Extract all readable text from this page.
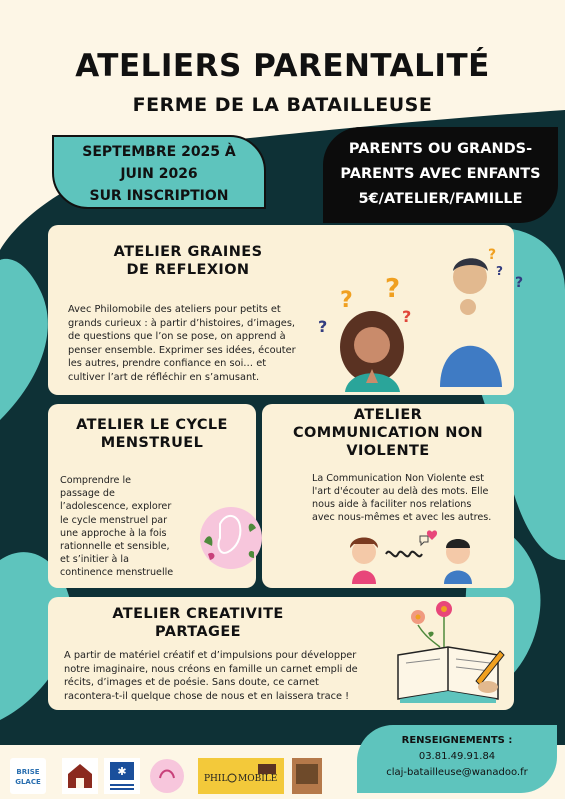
ATELIERS PARENTALITÉ
FERME DE LA BATAILLEUSE
SEPTEMBRE 2025 À
JUIN 2026
SUR INSCRIPTION
PARENTS OU GRANDS-
PARENTS AVEC ENFANTS
5€/ATELIER/FAMILLE
ATELIER GRAINES
DE REFLEXION
Avec Philomobile des ateliers pour petits et
grands curieux : à partir d’histoires, d’images,
de questions que l’on se pose, on apprend à
penser ensemble. Exprimer ses idées, écouter
les autres, prendre confiance en soi… et
cultiver l’art de réfléchir en s’amusant.
? ?
?
?
?
?
?
ATELIER LE CYCLE
MENSTRUEL
Comprendre le
passage de
l’adolescence, explorer
le cycle menstruel par
une approche à la fois
rationnelle et sensible,
et s’initier à la
continence menstruelle
ATELIER
COMMUNICATION NON
VIOLENTE
La Communication Non Violente est
l'art d'écouter au delà des mots. Elle
nous aide à faciliter nos relations
avec nous-mêmes et avec les autres.
ATELIER CREATIVITE
PARTAGEE
A partir de matériel créatif et d’impulsions pour développer
notre imaginaire, nous créons en famille un carnet empli de
récits, d’images et de poésie. Sans doute, ce carnet
racontera-t-il quelque chose de nous et en laissera trace !
RENSEIGNEMENTS :
03.81.49.91.84
claj-batailleuse@wanadoo.fr
BRISE
GLACE
✱
PHIL MOBILE
